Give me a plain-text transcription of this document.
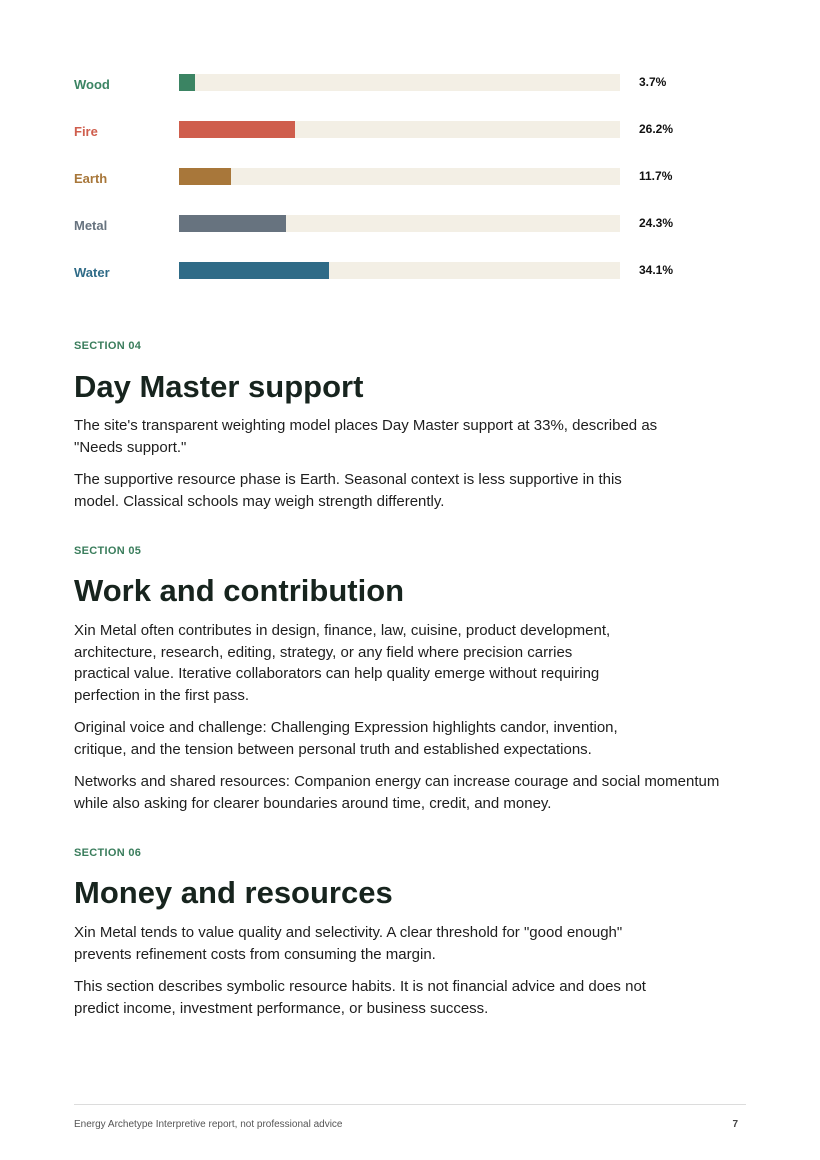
Wood	3.7%
Fire	26.2%
Earth	11.7%
Metal	24.3%
Water	34.1%
SECTION 04
Day Master support

The site's transparent weighting model places Day Master support at 33%, described as "Needs support."

The supportive resource phase is Earth. Seasonal context is less supportive in this model. Classical schools may weigh strength differently.

SECTION 05
Work and contribution

Xin Metal often contributes in design, finance, law, cuisine, product development, architecture, research, editing, strategy, or any field where precision carries practical value. Iterative collaborators can help quality emerge without requiring perfection in the first pass.

Original voice and challenge: Challenging Expression highlights candor, invention, critique, and the tension between personal truth and established expectations.

Networks and shared resources: Companion energy can increase courage and social momentum while also asking for clearer boundaries around time, credit, and money.

SECTION 06
Money and resources

Xin Metal tends to value quality and selectivity. A clear threshold for "good enough" prevents refinement costs from consuming the margin.

This section describes symbolic resource habits. It is not financial advice and does not predict income, investment performance, or business success.

Energy Archetype Interpretive report, not professional advice	7
